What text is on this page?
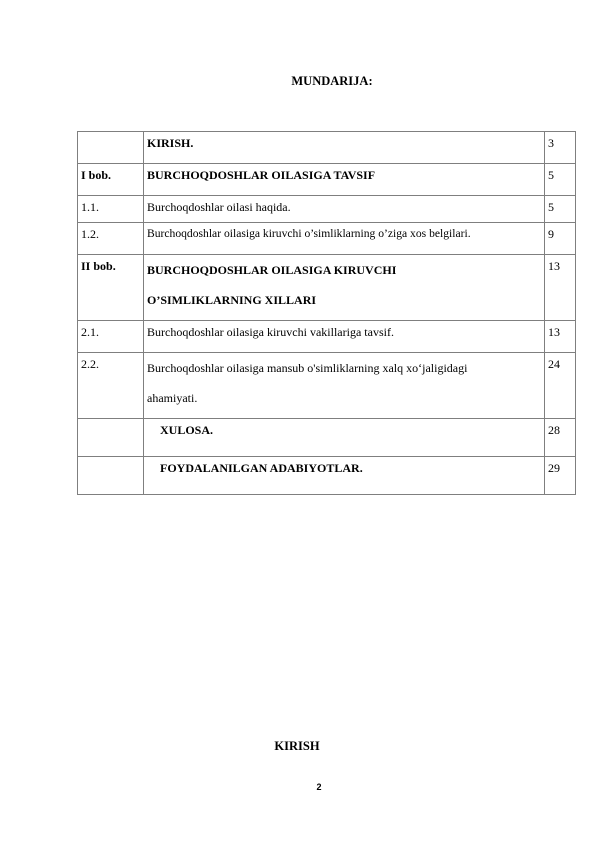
MUNDARIJA:
	KIRISH.	3
I bob.	BURCHOQDOSHLAR OILASIGA TAVSIF	5
1.1.	Burchoqdoshlar oilasi haqida.	5
1.2.	Burchoqdoshlar oilasiga kiruvchi o’simliklarning o’ziga xos belgilari.	9
II bob.	BURCHOQDOSHLAR OILASIGA KIRUVCHI
O’SIMLIKLARNING XILLARI	13
2.1.	Burchoqdoshlar oilasiga kiruvchi vakillariga tavsif.	13
2.2.	Burchoqdoshlar oilasiga mansub o'simliklarning xalq xo‘jaligidagi
ahamiyati.	24
	XULOSA.	28
	FOYDALANILGAN ADABIYOTLAR.	29
KIRISH
2
